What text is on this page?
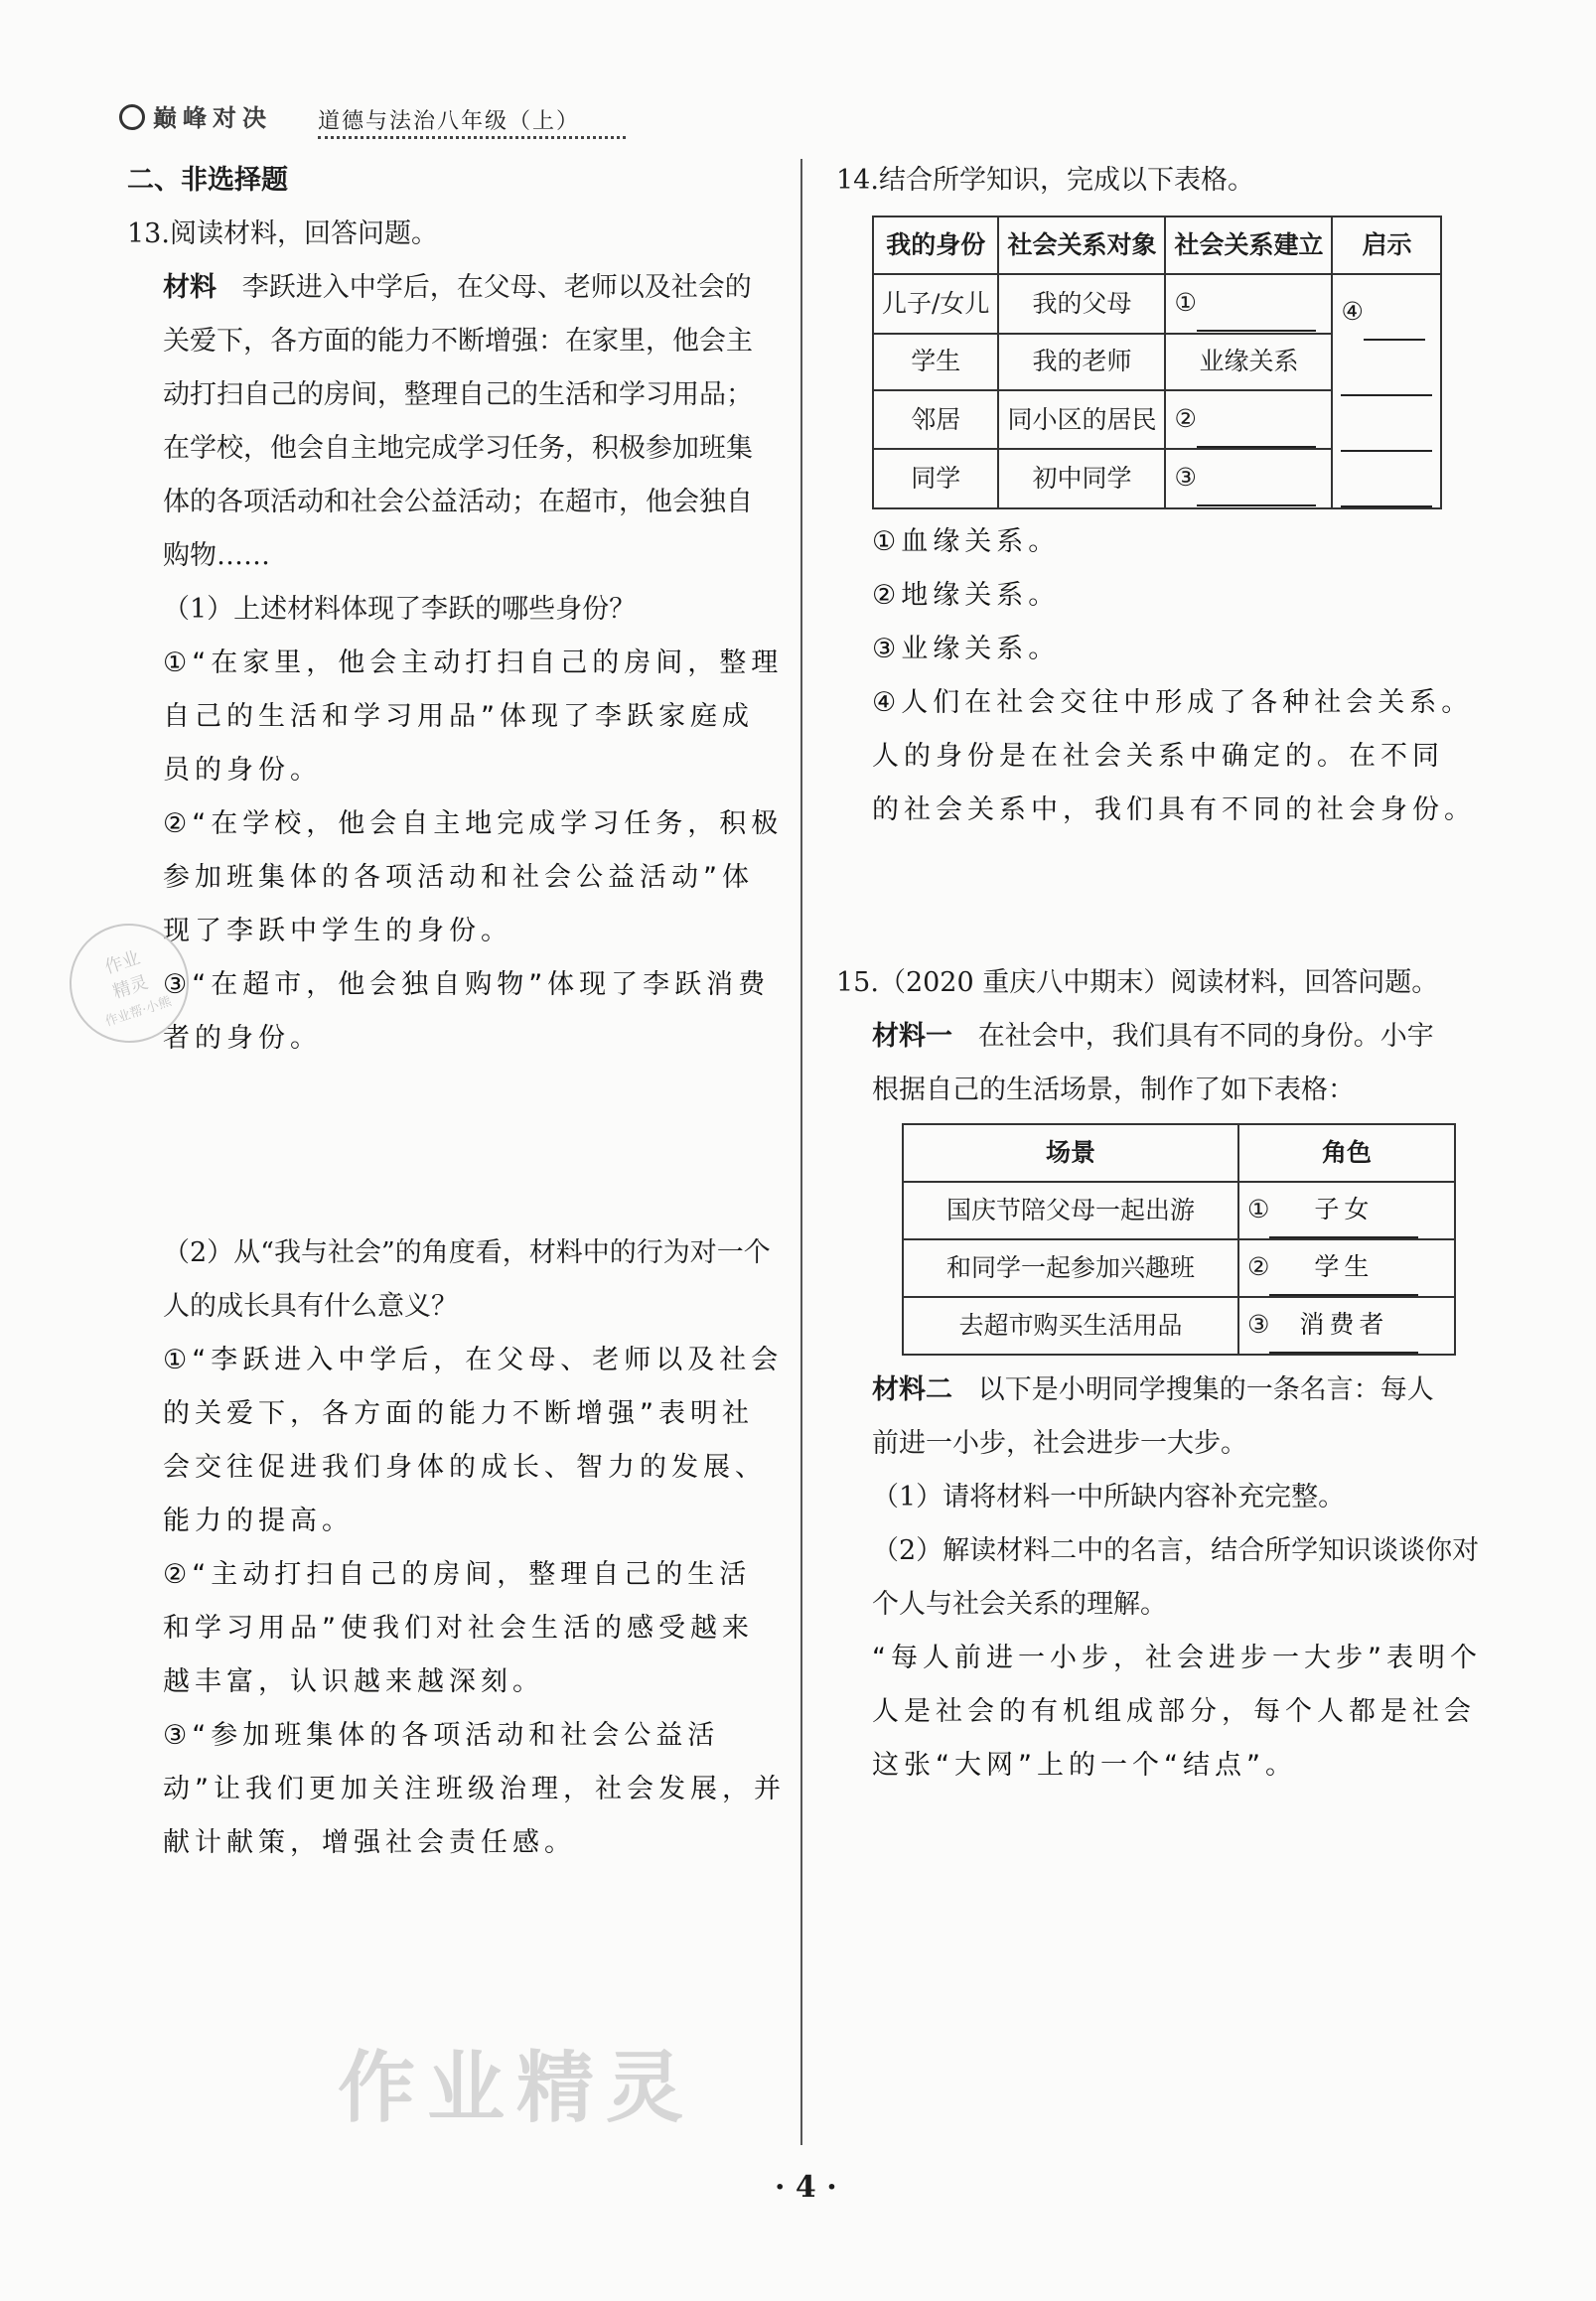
巅峰对决 道德与法治八年级（上）
二、非选择题
13.阅读材料，回答问题。
材料 李跃进入中学后，在父母、老师以及社会的
关爱下，各方面的能力不断增强：在家里，他会主
动打扫自己的房间，整理自己的生活和学习用品；
在学校，他会自主地完成学习任务，积极参加班集
体的各项活动和社会公益活动；在超市，他会独自
购物……
（1）上述材料体现了李跃的哪些身份？
①“在家里，他会主动打扫自己的房间，整理
自己的生活和学习用品”体现了李跃家庭成
员的身份。
②“在学校，他会自主地完成学习任务，积极
参加班集体的各项活动和社会公益活动”体
现了李跃中学生的身份。
③“在超市，他会独自购物”体现了李跃消费
者的身份。
（2）从“我与社会”的角度看，材料中的行为对一个
人的成长具有什么意义？
①“李跃进入中学后，在父母、老师以及社会
的关爱下，各方面的能力不断增强”表明社
会交往促进我们身体的成长、智力的发展、
能力的提高。
②“主动打扫自己的房间，整理自己的生活
和学习用品”使我们对社会生活的感受越来
越丰富，认识越来越深刻。
③“参加班集体的各项活动和社会公益活
动”让我们更加关注班级治理，社会发展，并
献计献策，增强社会责任感。
14.结合所学知识，完成以下表格。
我的身份	社会关系对象	社会关系建立	启示
儿子/女儿	我的父母	①	④

学生	我的老师	业缘关系	
邻居	同小区的居民	②	
同学	初中同学	③	
①血缘关系。
②地缘关系。
③业缘关系。
④人们在社会交往中形成了各种社会关系。
人的身份是在社会关系中确定的。在不同
的社会关系中，我们具有不同的社会身份。
15.（2020 重庆八中期末）阅读材料，回答问题。
材料一 在社会中，我们具有不同的身份。小宇
根据自己的生活场景，制作了如下表格：
场景	角色
国庆节陪父母一起出游	① 子女
和同学一起参加兴趣班	② 学生
去超市购买生活用品	③ 消费者
材料二 以下是小明同学搜集的一条名言：每人
前进一小步，社会进步一大步。
（1）请将材料一中所缺内容补充完整。
（2）解读材料二中的名言，结合所学知识谈谈你对
个人与社会关系的理解。
“每人前进一小步，社会进步一大步”表明个
人是社会的有机组成部分，每个人都是社会
这张“大网”上的一个“结点”。
作业
精灵
作业帮·小熊
作业精灵
· 4 ·
